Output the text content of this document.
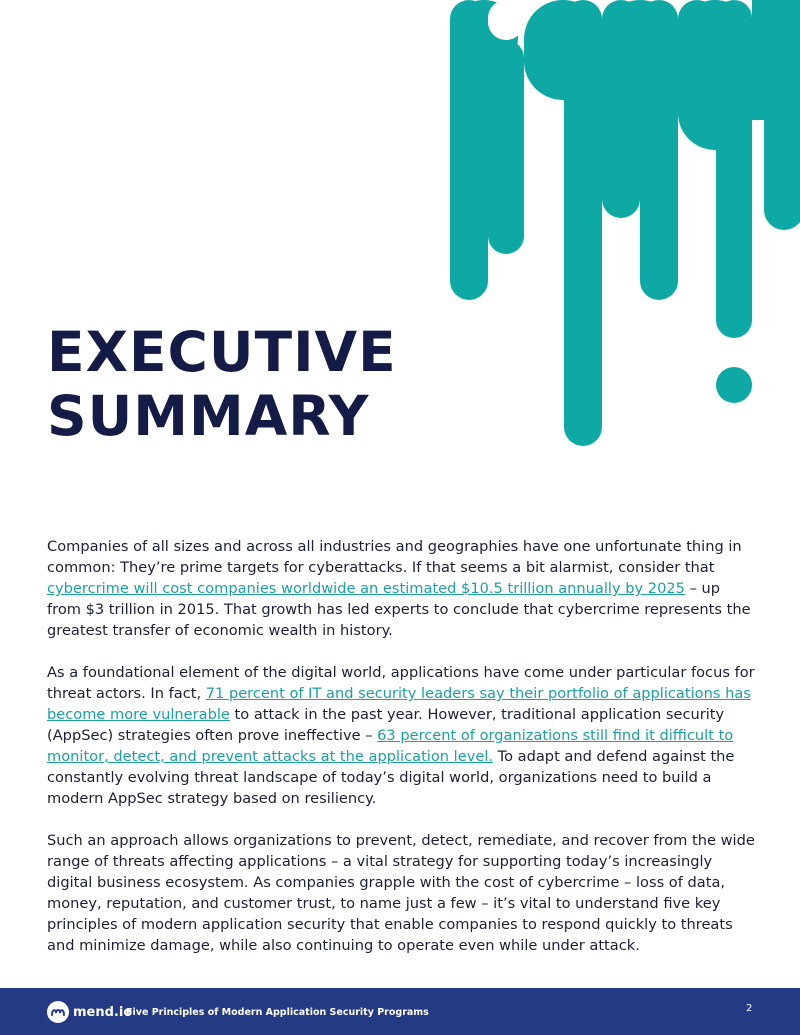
EXECUTIVE
SUMMARY

Companies of all sizes and across all industries and geographies have one unfortunate thing in common: They’re prime targets for cyberattacks. If that seems a bit alarmist, consider that cybercrime will cost companies worldwide an estimated $10.5 trillion annually by 2025 – up from $3 trillion in 2015. That growth has led experts to conclude that cybercrime represents the greatest transfer of economic wealth in history.

As a foundational element of the digital world, applications have come under particular focus for threat actors. In fact, 71 percent of IT and security leaders say their portfolio of applications has become more vulnerable to attack in the past year. However, traditional application security (AppSec) strategies often prove ineffective – 63 percent of organizations still find it difficult to monitor, detect, and prevent attacks at the application level. To adapt and defend against the constantly evolving threat landscape of today’s digital world, organizations need to build a modern AppSec strategy based on resiliency.

Such an approach allows organizations to prevent, detect, remediate, and recover from the wide range of threats affecting applications – a vital strategy for supporting today’s increasingly digital business ecosystem. As companies grapple with the cost of cybercrime – loss of data, money, reputation, and customer trust, to name just a few – it’s vital to understand five key principles of modern application security that enable companies to respond quickly to threats and minimize damage, while also continuing to operate even while under attack.

mend.io
Five Principles of Modern Application Security Programs	2
